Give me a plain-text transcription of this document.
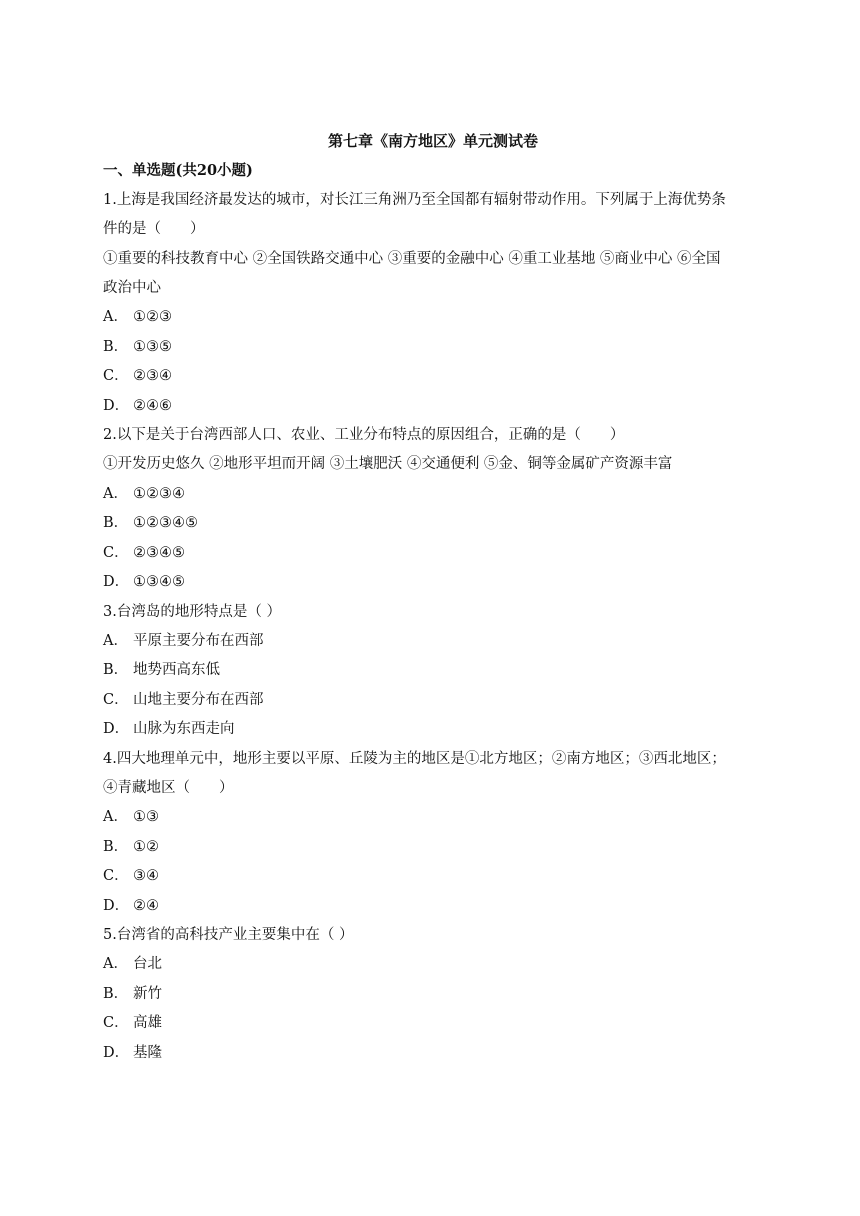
第七章《南方地区》单元测试卷

一、单选题(共20小题)

1.上海是我国经济最发达的城市，对长江三角洲乃至全国都有辐射带动作用。下列属于上海优势条

件的是（　　）

①重要的科技教育中心 ②全国铁路交通中心 ③重要的金融中心 ④重工业基地 ⑤商业中心 ⑥全国

政治中心

A． ①②③
B． ①③⑤
C． ②③④
D． ②④⑥

2.以下是关于台湾西部人口、农业、工业分布特点的原因组合，正确的是（　　）

①开发历史悠久 ②地形平坦而开阔 ③土壤肥沃 ④交通便利 ⑤金、铜等金属矿产资源丰富

A． ①②③④
B． ①②③④⑤
C． ②③④⑤
D． ①③④⑤

3.台湾岛的地形特点是（ ）

A． 平原主要分布在西部
B． 地势西高东低
C． 山地主要分布在西部
D． 山脉为东西走向

4.四大地理单元中，地形主要以平原、丘陵为主的地区是①北方地区；②南方地区；③西北地区；

④青藏地区（　　）

A． ①③
B． ①②
C． ③④
D． ②④

5.台湾省的高科技产业主要集中在（ ）

A． 台北
B． 新竹
C． 高雄
D． 基隆
